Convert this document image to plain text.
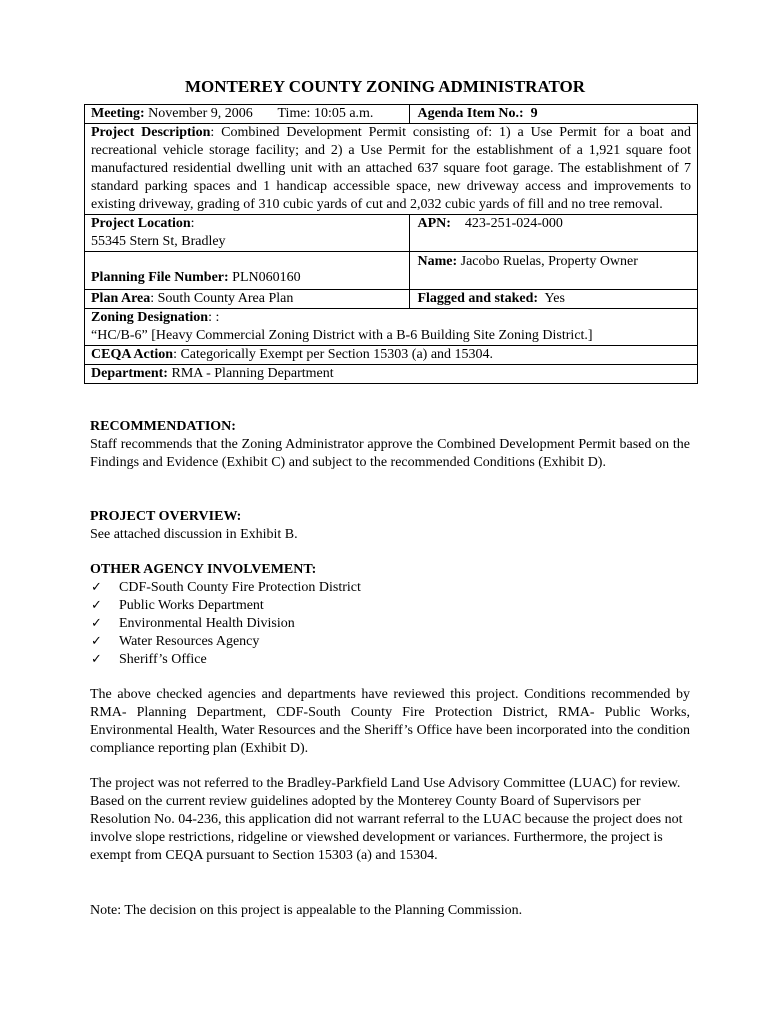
MONTEREY COUNTY ZONING ADMINISTRATOR
Meeting: November 9, 2006 Time: 10:05 a.m.	Agenda Item No.: 9
Project Description: Combined Development Permit consisting of: 1) a Use Permit for a boat and recreational vehicle storage facility; and 2) a Use Permit for the establishment of a 1,921 square foot manufactured residential dwelling unit with an attached 637 square foot garage. The establishment of 7 standard parking spaces and 1 handicap accessible space, new driveway access and improvements to existing driveway, grading of 310 cubic yards of cut and 2,032 cubic yards of fill and no tree removal.	
Project Location:
55345 Stern St, Bradley	APN: 423-251-024-000
Planning File Number: PLN060160	Name: Jacobo Ruelas, Property Owner
Plan Area: South County Area Plan	Flagged and staked: Yes
Zoning Designation: :
“HC/B-6” [Heavy Commercial Zoning District with a B-6 Building Site Zoning District.]	
CEQA Action: Categorically Exempt per Section 15303 (a) and 15304.	
Department: RMA - Planning Department	
RECOMMENDATION:
Staff recommends that the Zoning Administrator approve the Combined Development Permit based on the Findings and Evidence (Exhibit C) and subject to the recommended Conditions (Exhibit D).
PROJECT OVERVIEW:
See attached discussion in Exhibit B.
OTHER AGENCY INVOLVEMENT:
✓ CDF-South County Fire Protection District
✓ Public Works Department
✓ Environmental Health Division
✓ Water Resources Agency
✓ Sheriff’s Office
The above checked agencies and departments have reviewed this project. Conditions recommended by RMA- Planning Department, CDF-South County Fire Protection District, RMA- Public Works, Environmental Health, Water Resources and the Sheriff’s Office have been incorporated into the condition compliance reporting plan (Exhibit D).
The project was not referred to the Bradley-Parkfield Land Use Advisory Committee (LUAC) for review. Based on the current review guidelines adopted by the Monterey County Board of Supervisors per Resolution No. 04-236, this application did not warrant referral to the LUAC because the project does not involve slope restrictions, ridgeline or viewshed development or variances. Furthermore, the project is exempt from CEQA pursuant to Section 15303 (a) and 15304.
Note: The decision on this project is appealable to the Planning Commission.
